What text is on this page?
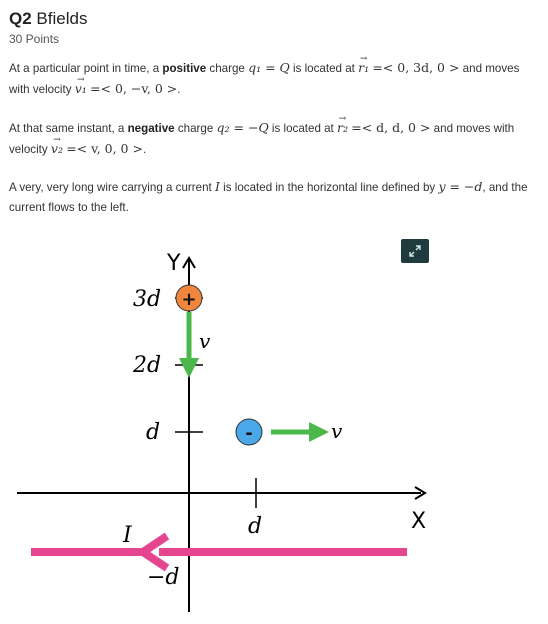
Q2 Bfields
30 Points
At a particular point in time, a positive charge q₁ = Q is located at → r₁ =< 0, 3d, 0 > and moves with velocity → v₁ =< 0, −v, 0 >.
At that same instant, a negative charge q₂ = −Q is located at → r₂ =< d, d, 0 > and moves with velocity → v₂ =< v, 0, 0 >.
A very, very long wire carrying a current I is located in the horizontal line defined by y = −d, and the current flows to the left.
Y
X
3d
2d
d
d
−d
I
v
+
v
-
